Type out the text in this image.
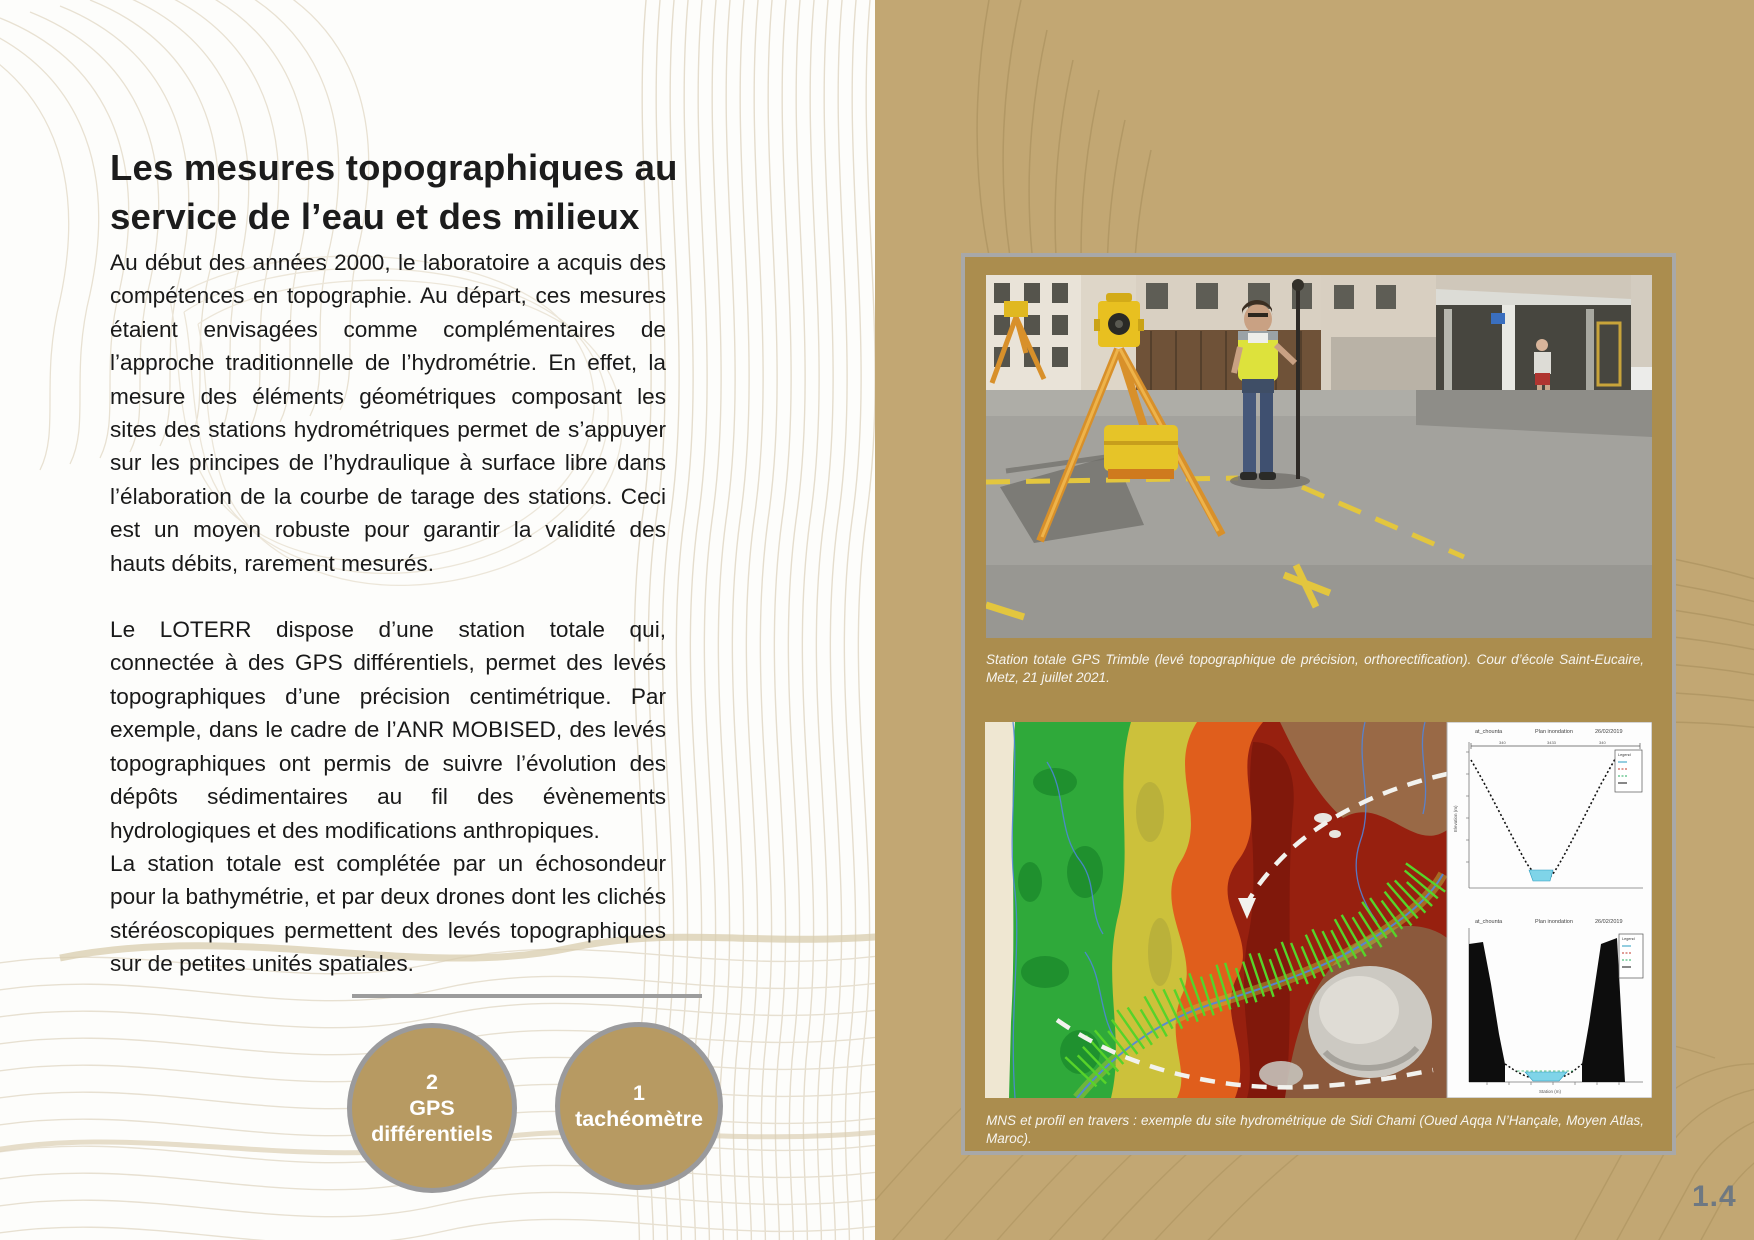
Les mesures topographiques au service de l’eau et des milieux

Au début des années 2000, le laboratoire a acquis des compétences en topographie. Au départ, ces mesures étaient envisagées comme complémentaires de l’approche traditionnelle de l’hydrométrie. En effet, la mesure des éléments géométriques composant les sites des stations hydrométriques permet de s’appuyer sur les principes de l’hydraulique à surface libre dans l’élaboration de la courbe de tarage des stations. Ceci est un moyen robuste pour garantir la validité des hauts débits, rarement mesurés.

Le LOTERR dispose d’une station totale qui, connectée à des GPS différentiels, permet des levés topographiques d’une précision centimétrique. Par exemple, dans le cadre de l’ANR MOBISED, des levés topographiques ont permis de suivre l’évolution des dépôts sédimentaires au fil des évènements hydrologiques et des modifications anthropiques.

La station totale est complétée par un échosondeur pour la bathymétrie, et par deux drones dont les clichés stéréoscopiques permettent des levés topographiques sur de petites unités spatiales.

2
GPS
différentiels
1
tachéomètre
Station totale GPS Trimble (levé topographique de précision, orthorectification). Cour d’école Saint-Eucaire, Metz, 21 juillet 2021.
at_chounta	Plan inondation	26/02/2019
340	3433	340
Elevation (m)
Legend
at_chounta	Plan inondation	26/02/2019
Station (m)
Legend
MNS et profil en travers : exemple du site hydrométrique de Sidi Chami (Oued Aqqa N’Hançale, Moyen Atlas, Maroc).
1.4
